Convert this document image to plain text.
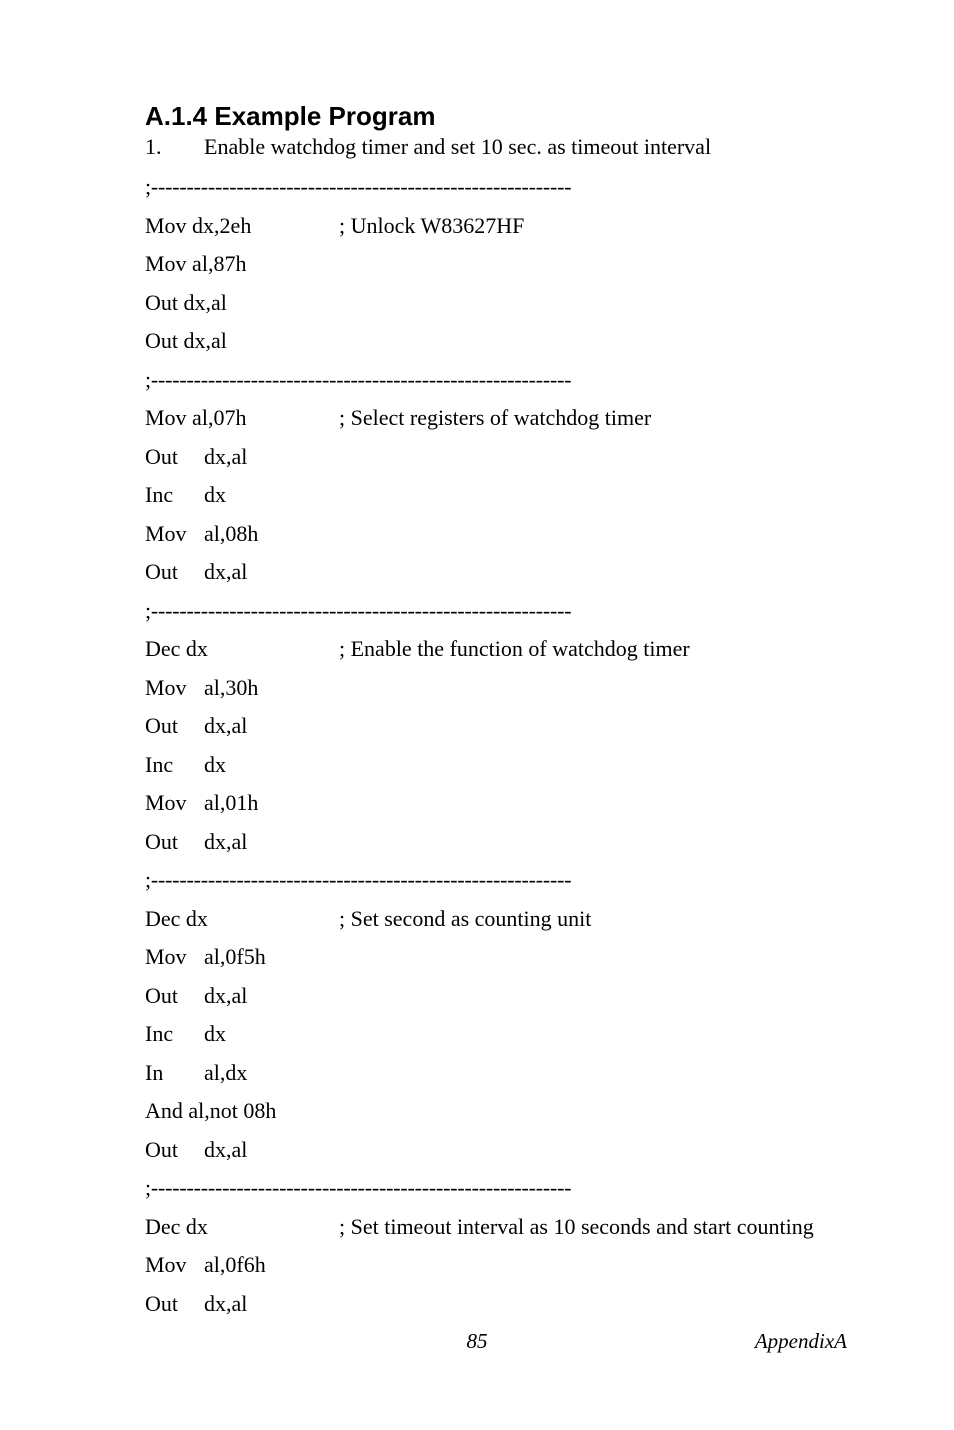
A.1.4 Example Program
1. Enable watchdog timer and set 10 sec. as timeout interval
;-----------------------------------------------------------
Mov dx,2eh	; Unlock W83627HF
Mov al,87h
Out dx,al
Out dx,al
;-----------------------------------------------------------
Mov al,07h	; Select registers of watchdog timer
Out dx,al
Inc dx
Mov al,08h
Out dx,al
;-----------------------------------------------------------
Dec dx	; Enable the function of watchdog timer
Mov al,30h
Out dx,al
Inc dx
Mov al,01h
Out dx,al
;-----------------------------------------------------------
Dec dx	; Set second as counting unit
Mov al,0f5h
Out dx,al
Inc dx
In al,dx
And al,not 08h
Out dx,al
;-----------------------------------------------------------
Dec dx	; Set timeout interval as 10 seconds and start counting
Mov al,0f6h
Out dx,al
85	AppendixA
